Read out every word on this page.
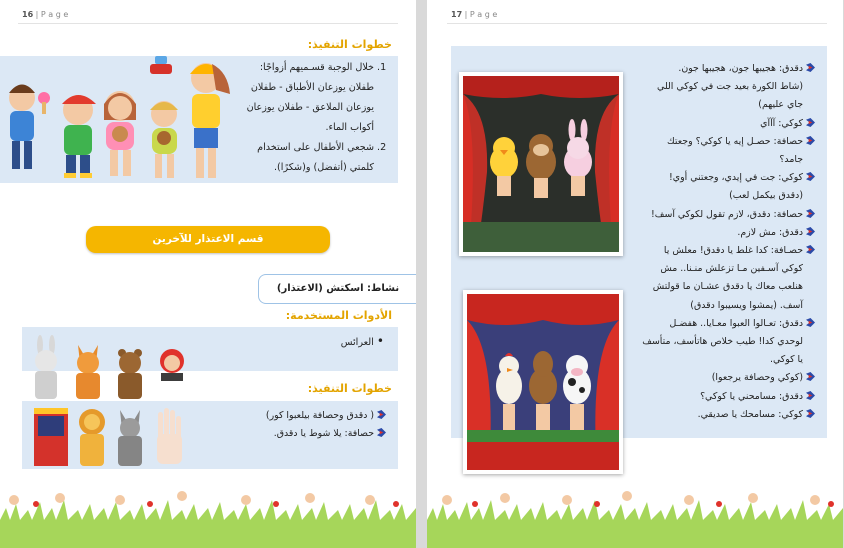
16 | P a g e
خطوات التنفيذ:
1. خلال الوجبة قسـميهم أزواجًا:
طفلان يوزعان الأطباق - طفلان
يوزعان الملاعق - طفلان يوزعان
أكواب الماء.
2. شجعي الأطفال على استخدام
كلمتي (أتفضل) و(شكرًا).
قسم الاعتذار للآخرين
نشاط: اسكتش (الاعتذار)
الأدوات المستخدمة:
• العرائس
خطوات التنفيذ:
( دقدق وحصافة بيلعبوا كور)
حصافة: يلا شوط يا دقدق.
17 | P a g e
دقدق: هجيبها جون، هجيبها جون.
(شاط الكورة بعيد جت في كوكي اللي
جاي عليهم)
كوكي: آآآي
حصافة: حصـل إيه يا كوكي؟ وجعتك
جامد؟
كوكي: جت في إيدي، وجعتني أوي!
(دقدق بيكمل لعب)
حصافة: دقدق، لازم تقول لكوكي آسف!
دقدق: مش لازم.
حصـافة: كدا غلط يا دقدق! معلش يا
كوكي آسـفين مـا تزعلش منـنا.. مش
هنلعب معاك يا دقدق عشـان ما قولتش
آسف. (يمشوا ويسيبوا دقدق)
دقدق: تعـالوا العبوا معـايا.. هفضـل
لوحدي كدا! طيب خلاص هاتأسف، متأسف
يا كوكي.
(كوكي وحصافة يرجعوا)
دقدق: مسامحني يا كوكي؟
كوكي: مسامحك يا صديقي.
